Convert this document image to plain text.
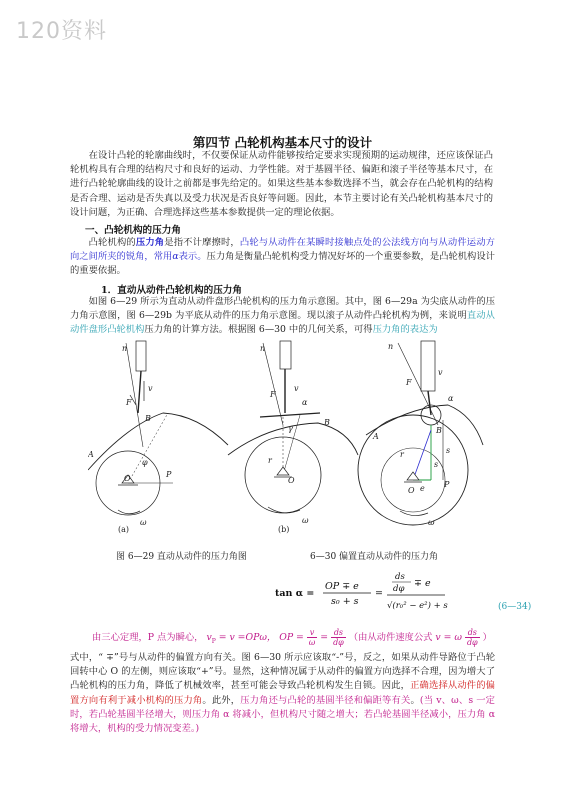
120资料
第四节 凸轮机构基本尺寸的设计
在设计凸轮的轮廓曲线时，不仅要保证从动件能够按给定要求实现预期的运动规律，还应该保证凸轮机构具有合理的结构尺寸和良好的运动、力学性能。对于基圆半径、偏距和滚子半径等基本尺寸，在进行凸轮轮廓曲线的设计之前都是事先给定的。如果这些基本参数选择不当，就会存在凸轮机构的结构是否合理、运动是否失真以及受力状况是否良好等问题。因此，本节主要讨论有关凸轮机构基本尺寸的设计问题，为正确、合理选择这些基本参数提供一定的理论依据。
一、凸轮机构的压力角
凸轮机构的压力角是指不计摩擦时，凸轮与从动件在某瞬时接触点处的公法线方向与从动件运动方向之间所夹的锐角，常用α表示。压力角是衡量凸轮机构受力情况好坏的一个重要参数，是凸轮机构设计的重要依据。
1．直动从动件凸轮机构的压力角
如图 6—29 所示为直动从动件盘形凸轮机构的压力角示意图。其中，图 6—29a 为尖底从动件的压力角示意图，图 6—29b 为平底从动件的压力角示意图。现以滚子从动件凸轮机构为例，来说明直动从动件盘形凸轮机构压力角的计算方法。根据图 6—30 中的几何关系，可得压力角的表达为
n
F
v
B
A
O	P
φ
ω
(a)
n
F
v
α
γ
B
r
O
ω
(b)
n
F
v
α
B
A
r	s
s
e
O
P
ω
图 6—29 直动从动件的压力角图	6—30 偏置直动从动件的压力角
tan α =
OP ∓ e
s₀ + s
=
ds
dφ ∓ e
√(r₀² − e²) + s	(6—34)
由三心定理，P 点为瞬心， $v_P = v =OP\omega$， OP = $\frac{v}{\omega} = \frac{ds}{d\varphi}$ （由从动件速度公式 v = ω $\frac{ds}{d\varphi}$ ）
式中，“ ∓”号与从动件的偏置方向有关。图 6—30 所示应该取“-”号，反之，如果从动件导路位于凸轮回转中心 O 的左侧，则应该取“+”号。显然，这种情况属于从动件的偏置方向选择不合理，因为增大了凸轮机构的压力角，降低了机械效率，甚至可能会导致凸轮机构发生自锁。因此，正确选择从动件的偏置方向有利于减小机构的压力角。此外，压力角还与凸轮的基圆半径和偏距等有关。(当 v、ω、s 一定时，若凸轮基圆半径增大，则压力角 α 将减小，但机构尺寸随之增大；若凸轮基圆半径减小，压力角 α 将增大，机构的受力情况变差。)
